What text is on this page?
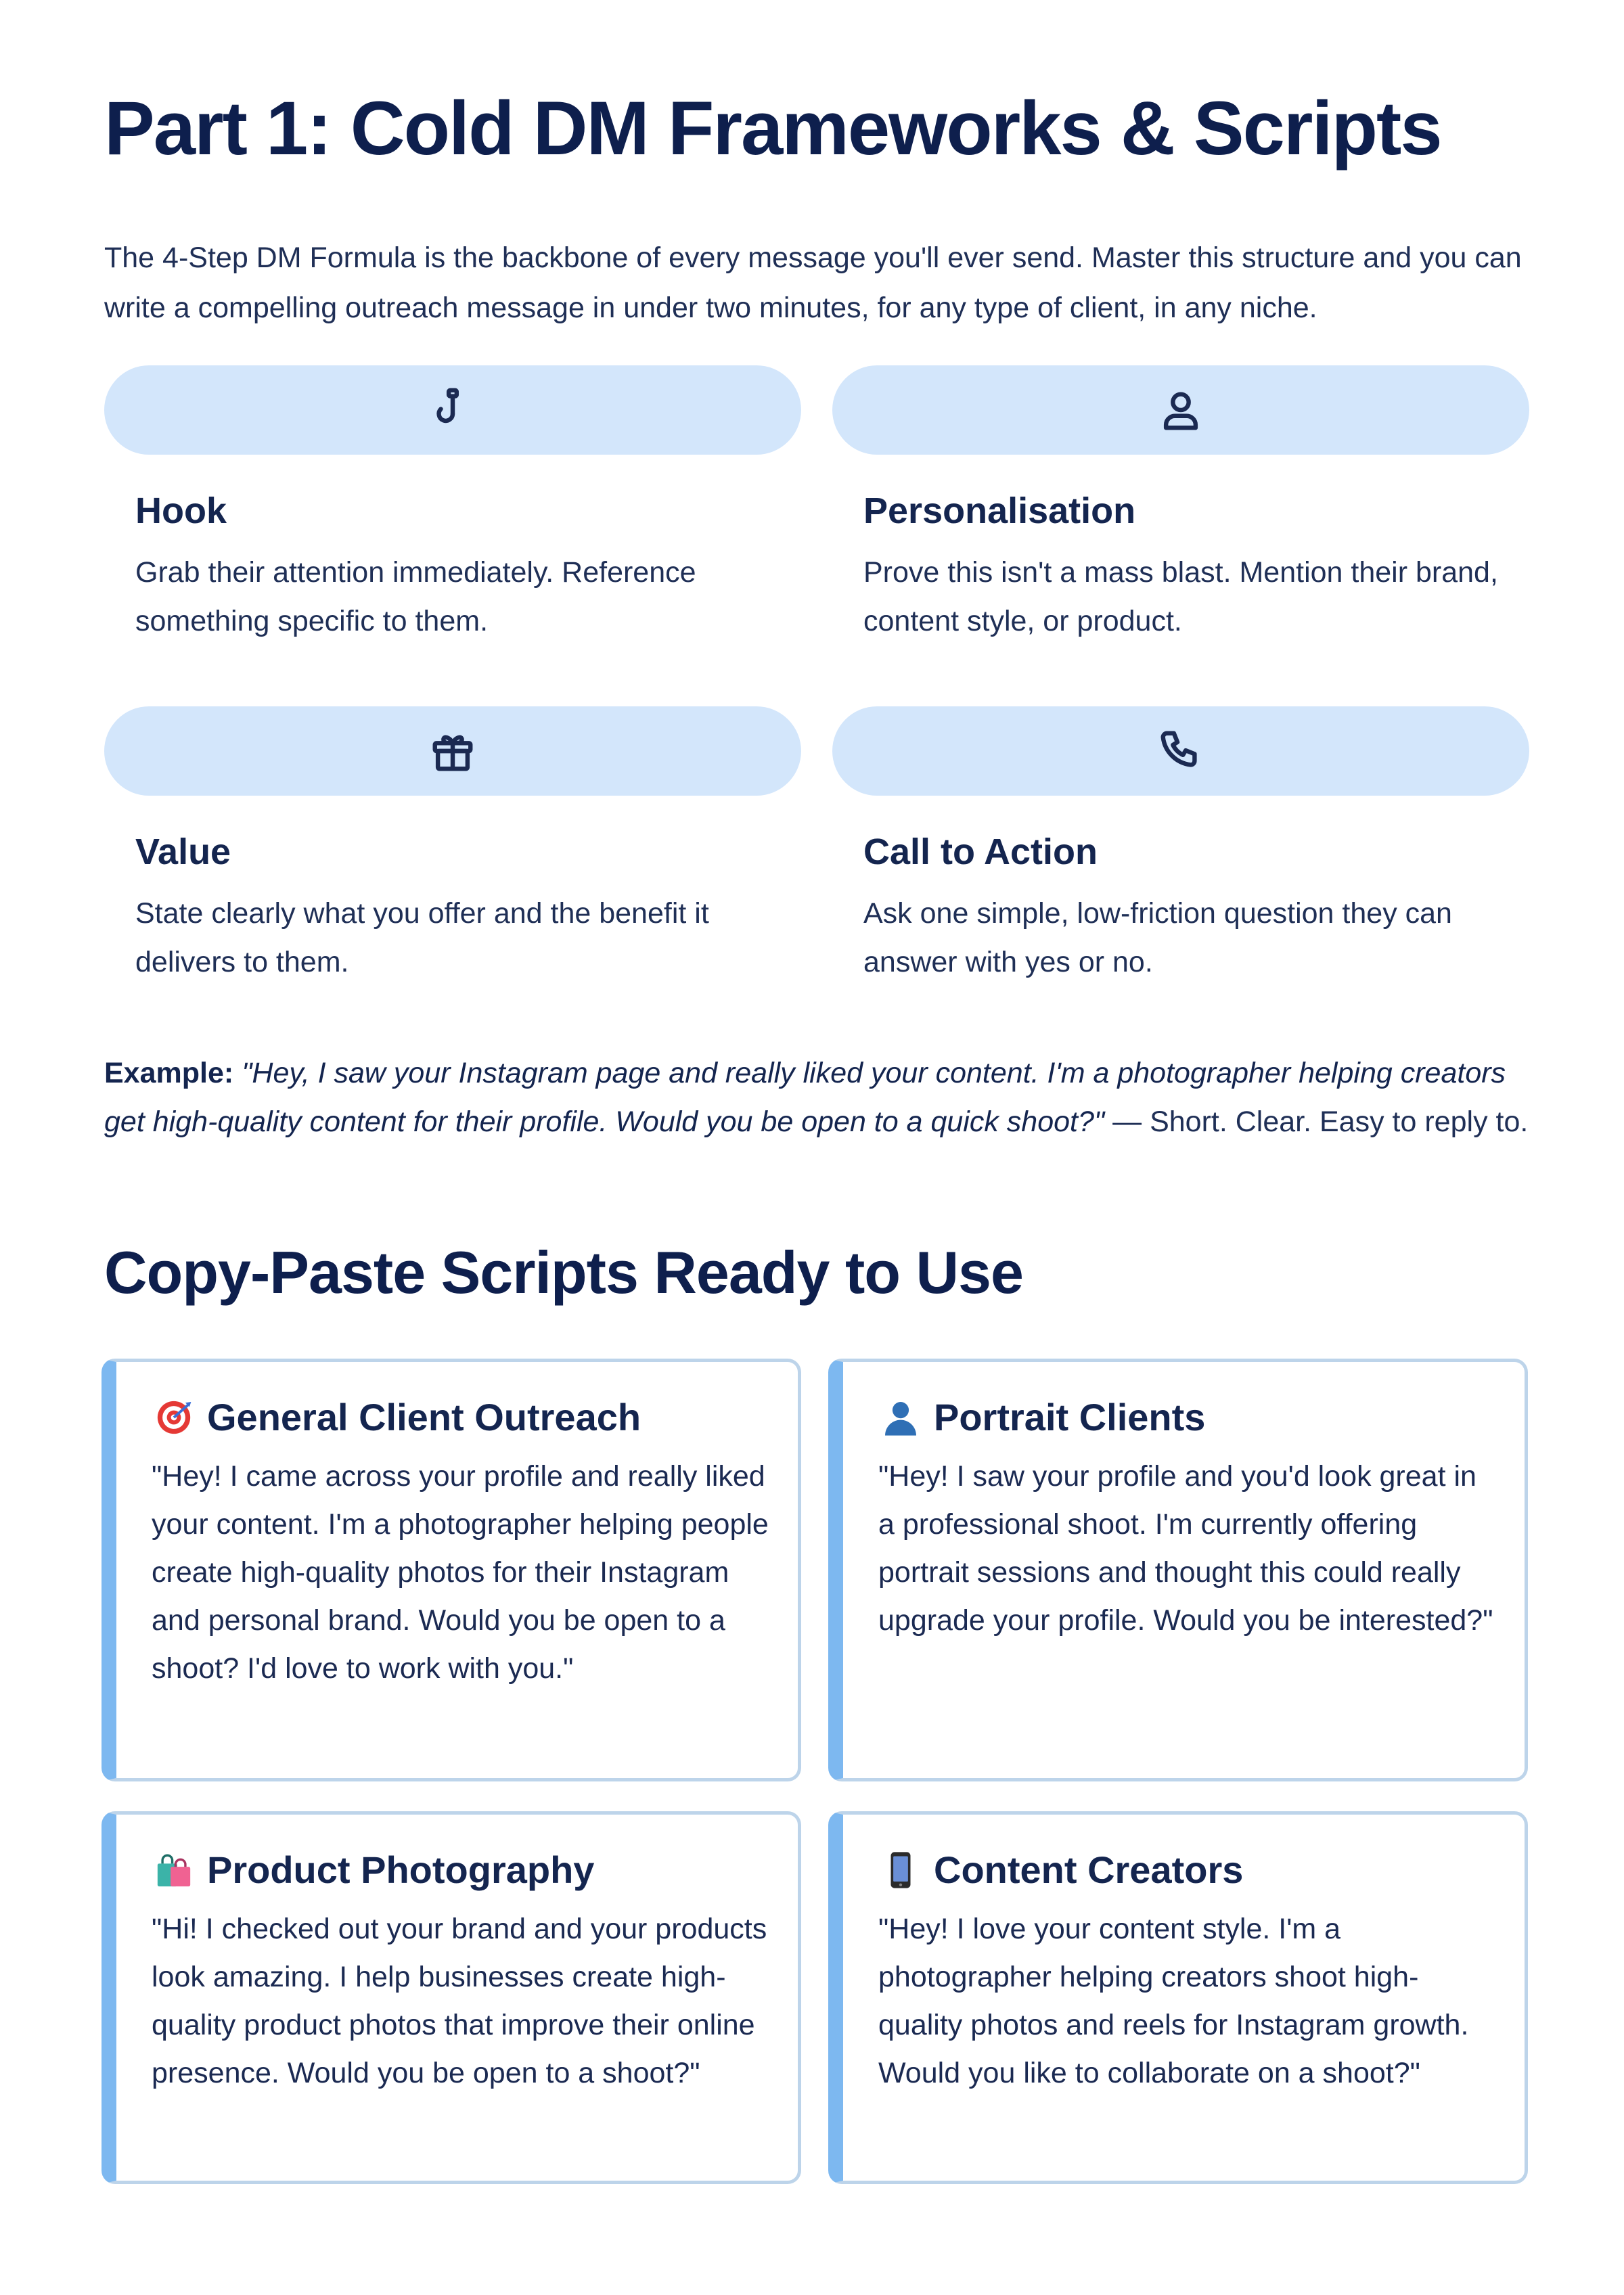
Part 1: Cold DM Frameworks & Scripts

The 4-Step DM Formula is the backbone of every message you'll ever send. Master this structure and you can write a compelling outreach message in under two minutes, for any type of client, in any niche.

Hook

Grab their attention immediately. Reference something specific to them.

Personalisation

Prove this isn't a mass blast. Mention their brand, content style, or product.

Value

State clearly what you offer and the benefit it delivers to them.

Call to Action

Ask one simple, low-friction question they can answer with yes or no.

Example: "Hey, I saw your Instagram page and really liked your content. I'm a photographer helping creators get high-quality content for their profile. Would you be open to a quick shoot?" — Short. Clear. Easy to reply to.

Copy-Paste Scripts Ready to Use
General Client Outreach

"Hey! I came across your profile and really liked your content. I'm a photographer helping people create high-quality photos for their Instagram and personal brand. Would you be open to a shoot? I'd love to work with you."

Portrait Clients

"Hey! I saw your profile and you'd look great in a professional shoot. I'm currently offering portrait sessions and thought this could really upgrade your profile. Would you be interested?"

Product Photography

"Hi! I checked out your brand and your products look amazing. I help businesses create high-quality product photos that improve their online presence. Would you be open to a shoot?"

Content Creators

"Hey! I love your content style. I'm a photographer helping creators shoot high-quality photos and reels for Instagram growth. Would you like to collaborate on a shoot?"
